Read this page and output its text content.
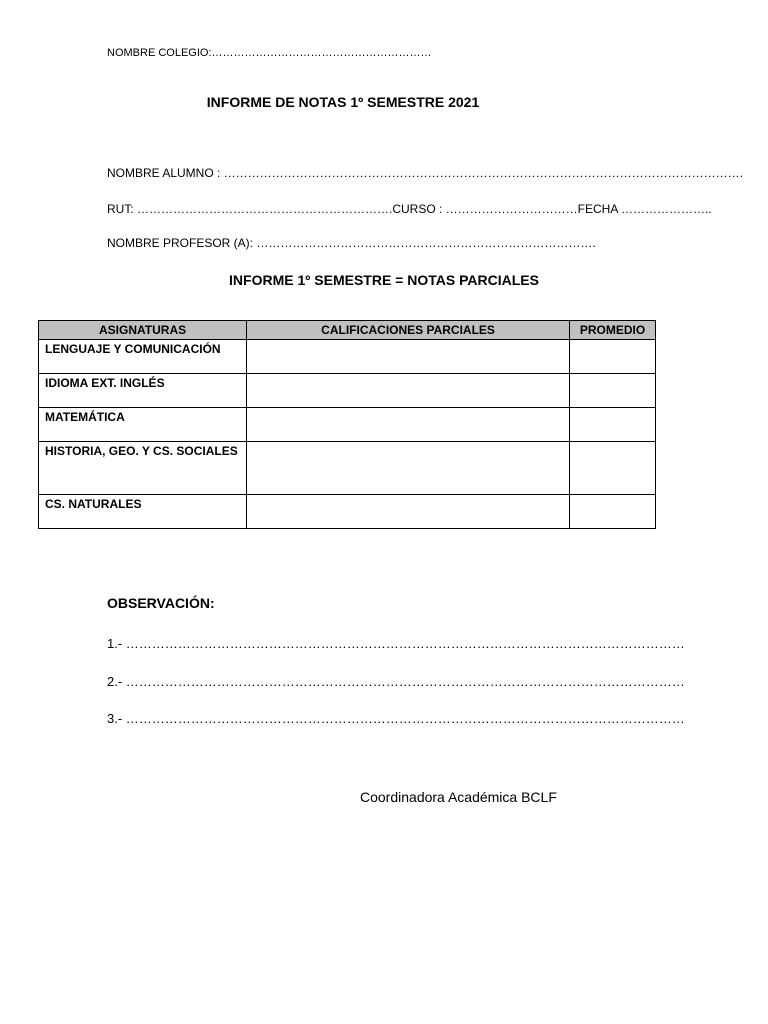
NOMBRE COLEGIO:……………………………………………………
INFORME DE NOTAS 1º SEMESTRE 2021
NOMBRE ALUMNO : ………………………………………………………………………………………………………………….
RUT: ……………………………………………………….CURSO : ……………………………FECHA …………………..
NOMBRE PROFESOR (A): ………………………………………………………………………….
INFORME 1º SEMESTRE = NOTAS PARCIALES
ASIGNATURAS	CALIFICACIONES PARCIALES	PROMEDIO
LENGUAJE Y COMUNICACIÓN		
IDIOMA EXT. INGLÉS		
MATEMÁTICA		
HISTORIA, GEO. Y CS. SOCIALES		
CS. NATURALES		
OBSERVACIÓN:
1.- …………………………………………………………………………………………………………………
2.- …………………………………………………………………………………………………………………
3.- …………………………………………………………………………………………………………………
Coordinadora Académica BCLF
